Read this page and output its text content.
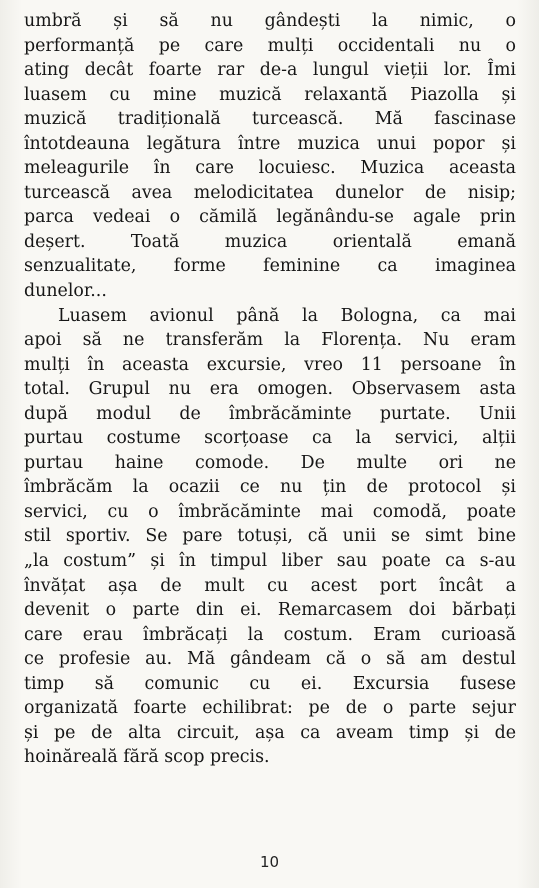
umbră și să nu gândești la nimic, o
performanță pe care mulți occidentali nu o
ating decât foarte rar de-a lungul vieții lor. Îmi
luasem cu mine muzică relaxantă Piazolla și
muzică tradițională turcească. Mă fascinase
întotdeauna legătura între muzica unui popor și
meleagurile în care locuiesc. Muzica aceasta
turcească avea melodicitatea dunelor de nisip;
parca vedeai o cămilă legănându-se agale prin
deșert. Toată muzica orientală emană
senzualitate, forme feminine ca imaginea
dunelor...
Luasem avionul până la Bologna, ca mai
apoi să ne transferăm la Florența. Nu eram
mulți în aceasta excursie, vreo 11 persoane în
total. Grupul nu era omogen. Observasem asta
după modul de îmbrăcăminte purtate. Unii
purtau costume scorțoase ca la servici, alții
purtau haine comode. De multe ori ne
îmbrăcăm la ocazii ce nu țin de protocol și
servici, cu o îmbrăcăminte mai comodă, poate
stil sportiv. Se pare totuși, că unii se simt bine
„la costum” și în timpul liber sau poate ca s-au
învățat așa de mult cu acest port încât a
devenit o parte din ei. Remarcasem doi bărbați
care erau îmbrăcați la costum. Eram curioasă
ce profesie au. Mă gândeam că o să am destul
timp să comunic cu ei. Excursia fusese
organizată foarte echilibrat: pe de o parte sejur
și pe de alta circuit, așa ca aveam timp și de
hoinăreală fără scop precis.
10
